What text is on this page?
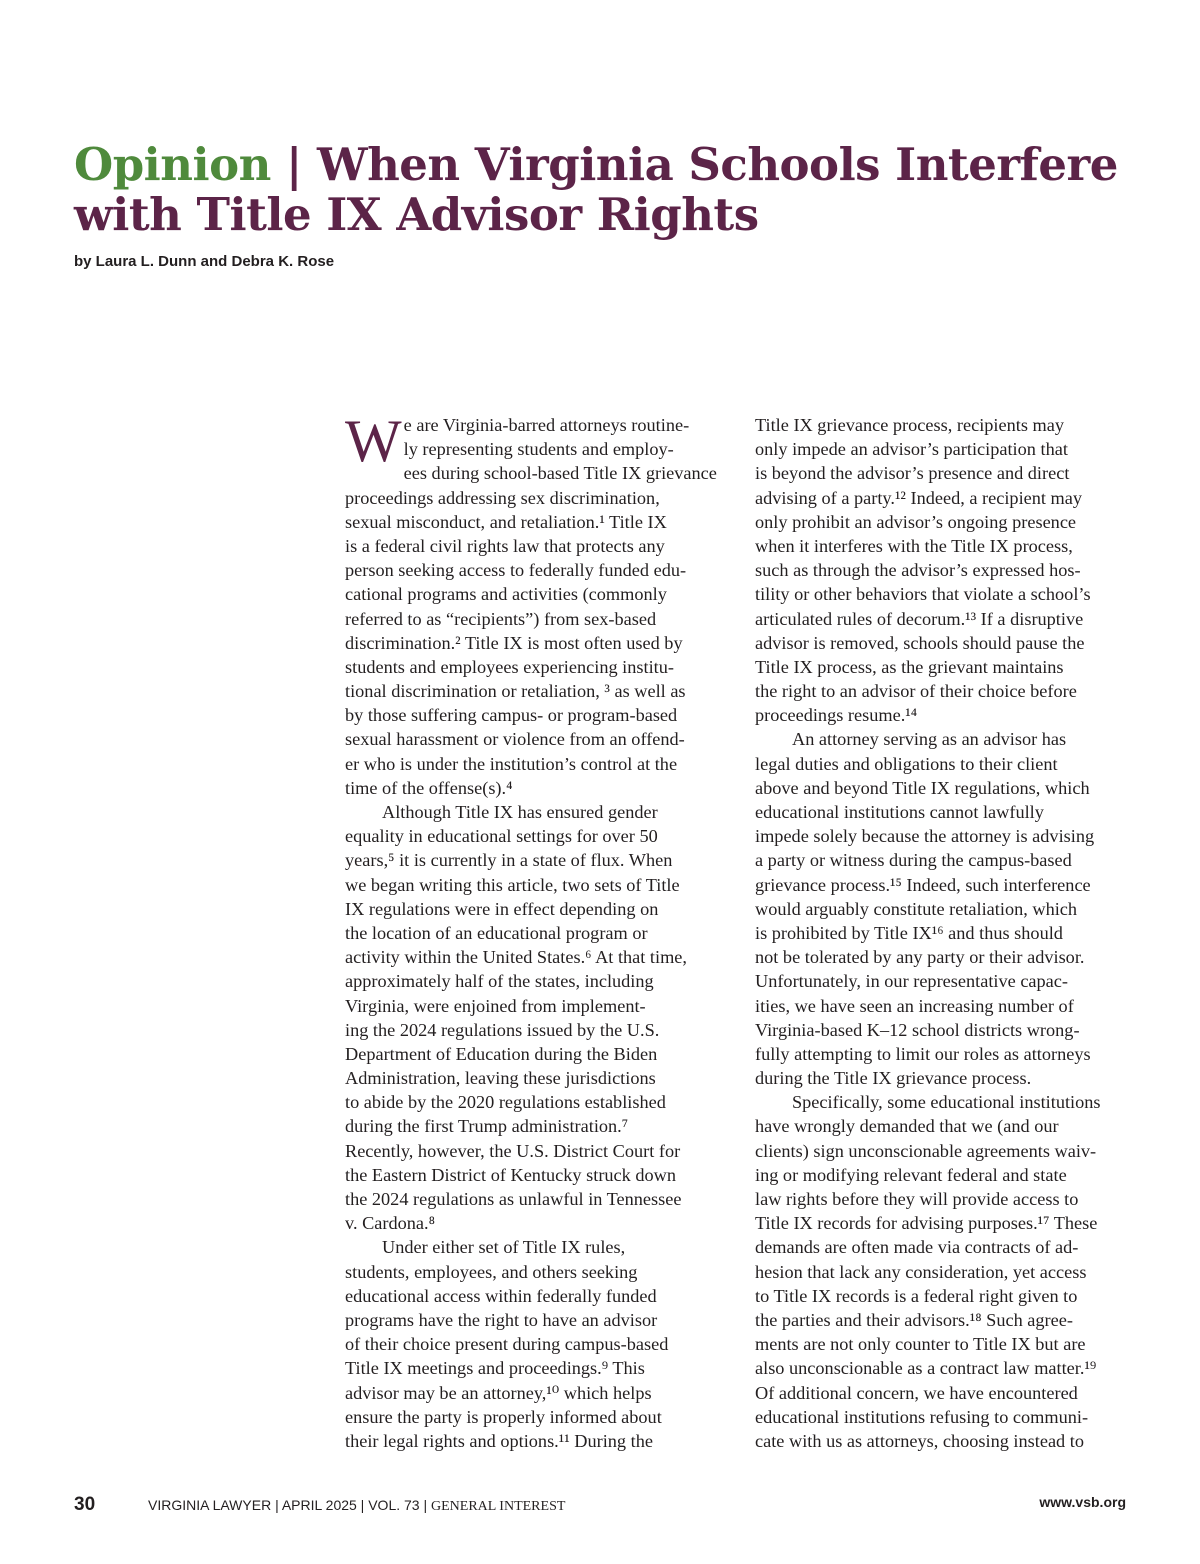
Opinion | When Virginia Schools Interfere with Title IX Advisor Rights

by Laura L. Dunn and Debra K. Rose

W e are Virginia-barred attorneys routine-
ly representing students and employ-
ees during school-based Title IX grievance
proceedings addressing sex discrimination,
sexual misconduct, and retaliation.¹ Title IX
is a federal civil rights law that protects any
person seeking access to federally funded edu-
cational programs and activities (commonly
referred to as “recipients”) from sex-based
discrimination.² Title IX is most often used by
students and employees experiencing institu-
tional discrimination or retaliation, ³ as well as
by those suffering campus- or program-based
sexual harassment or violence from an offend-
er who is under the institution’s control at the
time of the offense(s).⁴
Although Title IX has ensured gender
equality in educational settings for over 50
years,⁵ it is currently in a state of flux. When
we began writing this article, two sets of Title
IX regulations were in effect depending on
the location of an educational program or
activity within the United States.⁶ At that time,
approximately half of the states, including
Virginia, were enjoined from implement-
ing the 2024 regulations issued by the U.S.
Department of Education during the Biden
Administration, leaving these jurisdictions
to abide by the 2020 regulations established
during the first Trump administration.⁷
Recently, however, the U.S. District Court for
the Eastern District of Kentucky struck down
the 2024 regulations as unlawful in Tennessee
v. Cardona.⁸
Under either set of Title IX rules,
students, employees, and others seeking
educational access within federally funded
programs have the right to have an advisor
of their choice present during campus-based
Title IX meetings and proceedings.⁹ This
advisor may be an attorney,¹⁰ which helps
ensure the party is properly informed about
their legal rights and options.¹¹ During the
Title IX grievance process, recipients may
only impede an advisor’s participation that
is beyond the advisor’s presence and direct
advising of a party.¹² Indeed, a recipient may
only prohibit an advisor’s ongoing presence
when it interferes with the Title IX process,
such as through the advisor’s expressed hos-
tility or other behaviors that violate a school’s
articulated rules of decorum.¹³ If a disruptive
advisor is removed, schools should pause the
Title IX process, as the grievant maintains
the right to an advisor of their choice before
proceedings resume.¹⁴
An attorney serving as an advisor has
legal duties and obligations to their client
above and beyond Title IX regulations, which
educational institutions cannot lawfully
impede solely because the attorney is advising
a party or witness during the campus-based
grievance process.¹⁵ Indeed, such interference
would arguably constitute retaliation, which
is prohibited by Title IX¹⁶ and thus should
not be tolerated by any party or their advisor.
Unfortunately, in our representative capac-
ities, we have seen an increasing number of
Virginia-based K–12 school districts wrong-
fully attempting to limit our roles as attorneys
during the Title IX grievance process.
Specifically, some educational institutions
have wrongly demanded that we (and our
clients) sign unconscionable agreements waiv-
ing or modifying relevant federal and state
law rights before they will provide access to
Title IX records for advising purposes.¹⁷ These
demands are often made via contracts of ad-
hesion that lack any consideration, yet access
to Title IX records is a federal right given to
the parties and their advisors.¹⁸ Such agree-
ments are not only counter to Title IX but are
also unconscionable as a contract law matter.¹⁹
Of additional concern, we have encountered
educational institutions refusing to communi-
cate with us as attorneys, choosing instead to
30	VIRGINIA LAWYER | APRIL 2025 | VOL. 73 | GENERAL INTEREST	www.vsb.org
